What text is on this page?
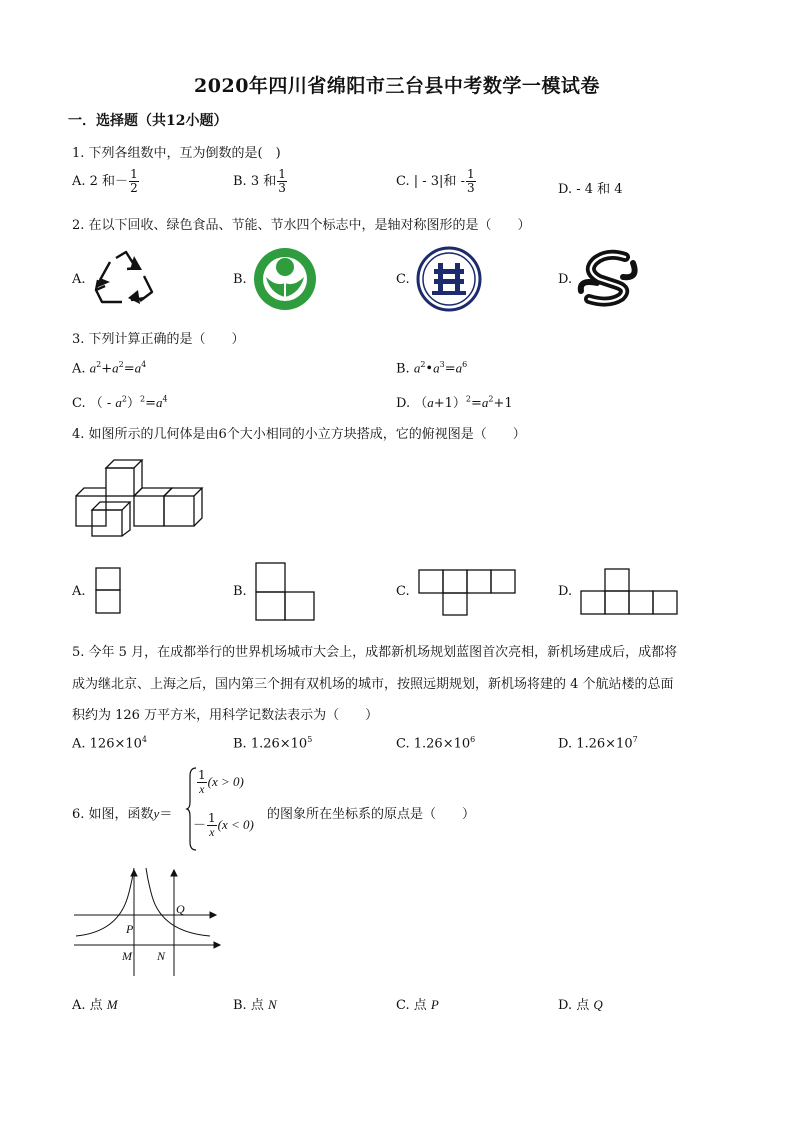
2020年四川省绵阳市三台县中考数学一模试卷
一．选择题（共12小题）
1. 下列各组数中，互为倒数的是(　)
A. 2 和－ $\frac{1}{2}$	B. 3 和 $\frac{1}{3}$	C. | - 3|和 - $\frac{1}{3}$	D. - 4 和 4
2. 在以下回收、绿色食品、节能、节水四个标志中，是轴对称图形的是（　　）
A.	B.	C.	D.
3. 下列计算正确的是（　　）
A. $a^2+a^2=a^4$	B. $a^2•a^3=a^6$
C. （ - $a^2)^2=a^4$	D. $(a+1)^2=a^2+1$
4. 如图所示的几何体是由6个大小相同的小立方块搭成，它的俯视图是（　　）
A.	B.	C.	D.
5. 今年 5 月，在成都举行的世界机场城市大会上，成都新机场规划蓝图首次亮相，新机场建成后，成都将
成为继北京、上海之后，国内第三个拥有双机场的城市，按照远期规划，新机场将建的 4 个航站楼的总面
积约为 126 万平方米，用科学记数法表示为（　　）
A. $126\times 10^4$	B. $1.26\times 10^5$	C. $1.26\times 10^6$	D. $1.26\times 10^7$
6. 如图，函数y＝
$\frac{1}{x} (x > 0)$
－ $\frac{1}{x} (x < 0)$
的图象所在坐标系的原点是（　　）
Q
P
M N
A. 点 M	B. 点 N	C. 点 P	D. 点 Q
